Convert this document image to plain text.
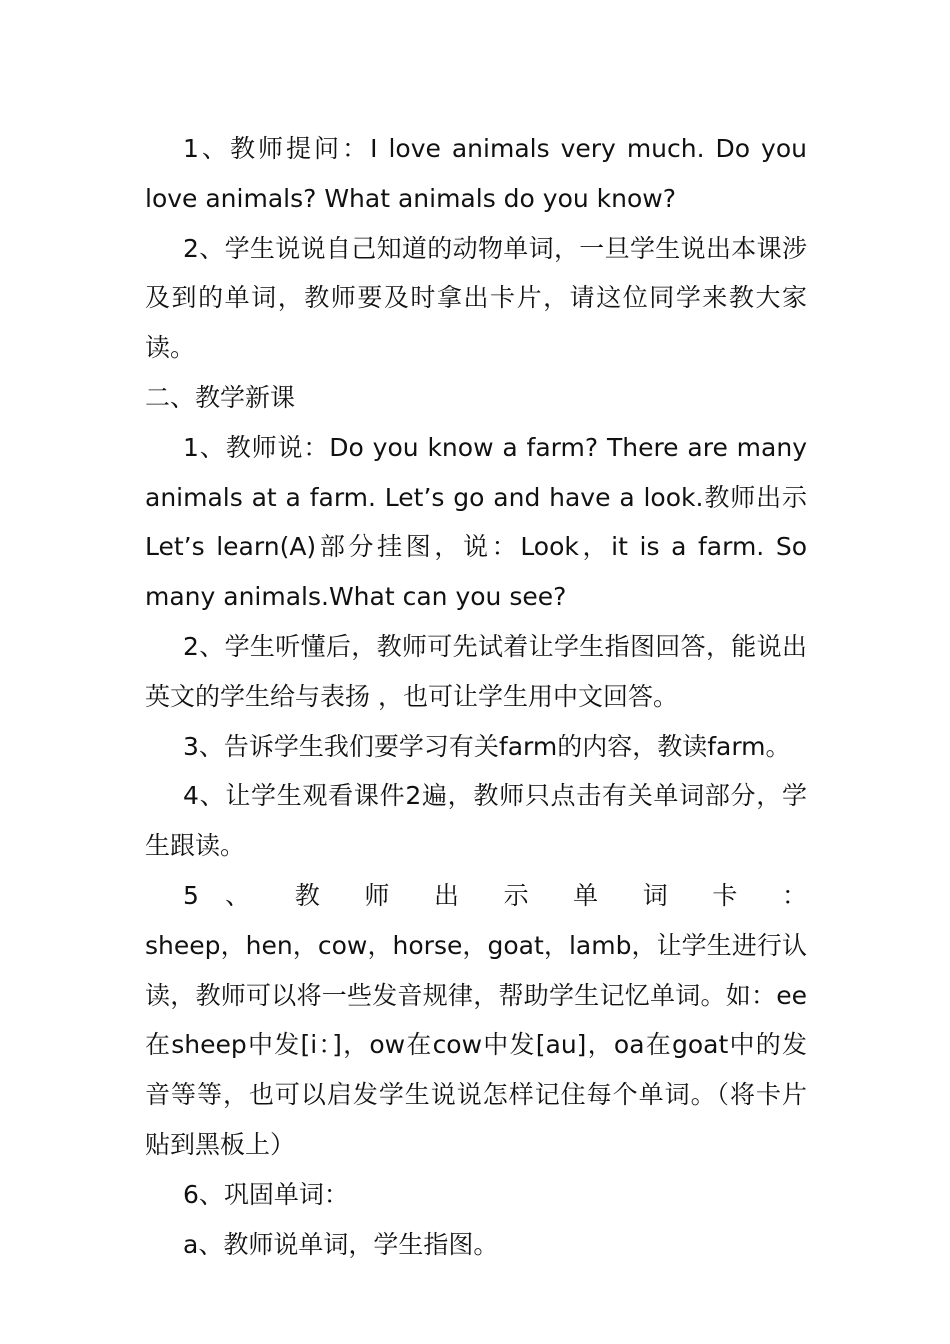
1、教师提问：I love animals very much. Do you love animals? What animals do you know?

2、学生说说自己知道的动物单词，一旦学生说出本课涉及到的单词，教师要及时拿出卡片，请这位同学来教大家读。

二、教学新课

1、教师说：Do you know a farm? There are many animals at a farm. Let’s go and have a look.教师出示Let’s learn(A)部分挂图，说：Look，it is a farm. So many animals.What can you see?

2、学生听懂后，教师可先试着让学生指图回答，能说出英文的学生给与表扬 ，也可让学生用中文回答。

3、告诉学生我们要学习有关farm的内容，教读farm。

4、让学生观看课件2遍，教师只点击有关单词部分，学生跟读。

5 、 教 师 出 示 单 词 卡 ：

sheep，hen，cow，horse，goat，lamb，让学生进行认读，教师可以将一些发音规律，帮助学生记忆单词。如：ee在sheep中发[i：]，ow在cow中发[au]，oa在goat中的发音等等，也可以启发学生说说怎样记住每个单词。（将卡片贴到黑板上）

6、巩固单词：

a、教师说单词，学生指图。
